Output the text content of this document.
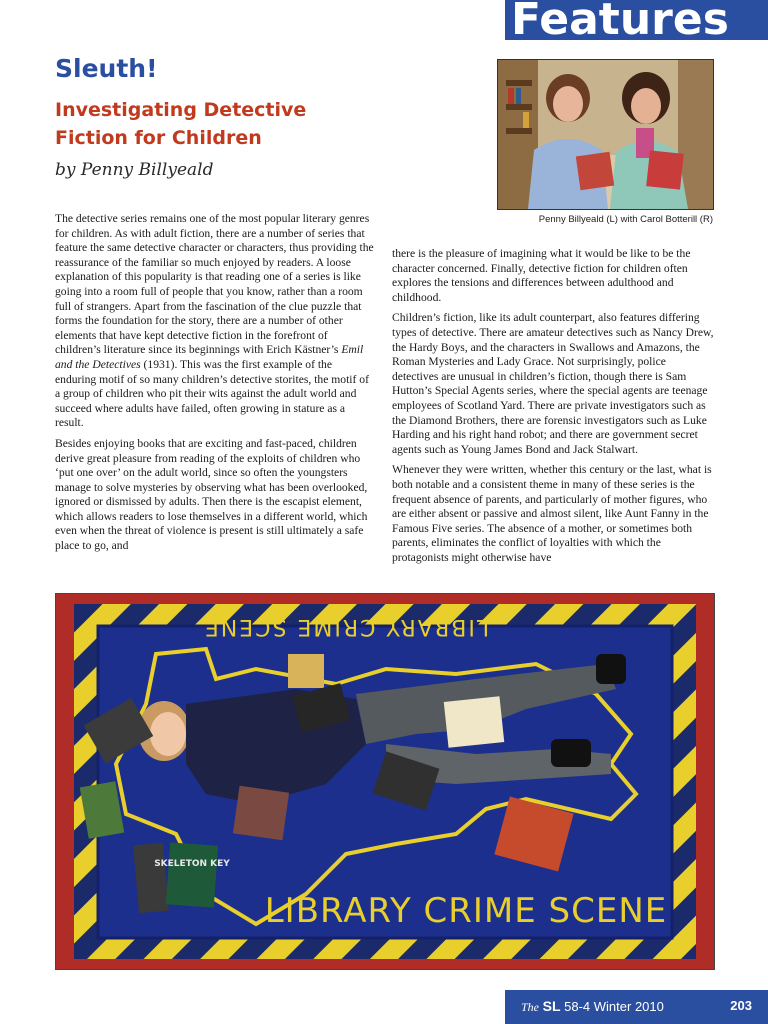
Features
Sleuth!
Investigating Detective
Fiction for Children
by Penny Billyeald
Penny Billyeald (L) with Carol Botterill (R)

The detective series remains one of the most popular literary genres for children. As with adult fiction, there are a number of series that feature the same detective character or characters, thus providing the reassurance of the familiar so much enjoyed by readers. A loose explanation of this popularity is that reading one of a series is like going into a room full of people that you know, rather than a room full of strangers. Apart from the fascination of the clue puzzle that forms the foundation for the story, there are a number of other elements that have kept detective fiction in the forefront of children’s literature since its beginnings with Erich Kästner’s Emil and the Detectives (1931). This was the first example of the enduring motif of so many children’s detective storites, the motif of a group of children who pit their wits against the adult world and succeed where adults have failed, often growing in stature as a result.

Besides enjoying books that are exciting and fast-paced, children derive great pleasure from reading of the exploits of children who ‘put one over’ on the adult world, since so often the youngsters manage to solve mysteries by observing what has been overlooked, ignored or dismissed by adults. Then there is the escapist element, which allows readers to lose themselves in a different world, which even when the threat of violence is present is still ultimately a safe place to go, and

there is the pleasure of imagining what it would be like to be the character concerned. Finally, detective fiction for children often explores the tensions and differences between adulthood and childhood.

Children’s fiction, like its adult counterpart, also features differing types of detective. There are amateur detectives such as Nancy Drew, the Hardy Boys, and the characters in Swallows and Amazons, the Roman Mysteries and Lady Grace. Not surprisingly, police detectives are unusual in children’s fiction, though there is Sam Hutton’s Special Agents series, where the special agents are teenage employees of Scotland Yard. There are private investigators such as the Diamond Brothers, there are forensic investigators such as Luke Harding and his right hand robot; and there are government secret agents such as Young James Bond and Jack Stalwart.

Whenever they were written, whether this century or the last, what is both notable and a consistent theme in many of these series is the frequent absence of parents, and particularly of mother figures, who are either absent or passive and almost silent, like Aunt Fanny in the Famous Five series. The absence of a mother, or sometimes both parents, eliminates the conflict of loyalties with which the protagonists might otherwise have

LIBRARY CRIME SCENE
LIBRARY CRIME SCENE
SKELETON KEY
The SL 58-4 Winter 2010	203
